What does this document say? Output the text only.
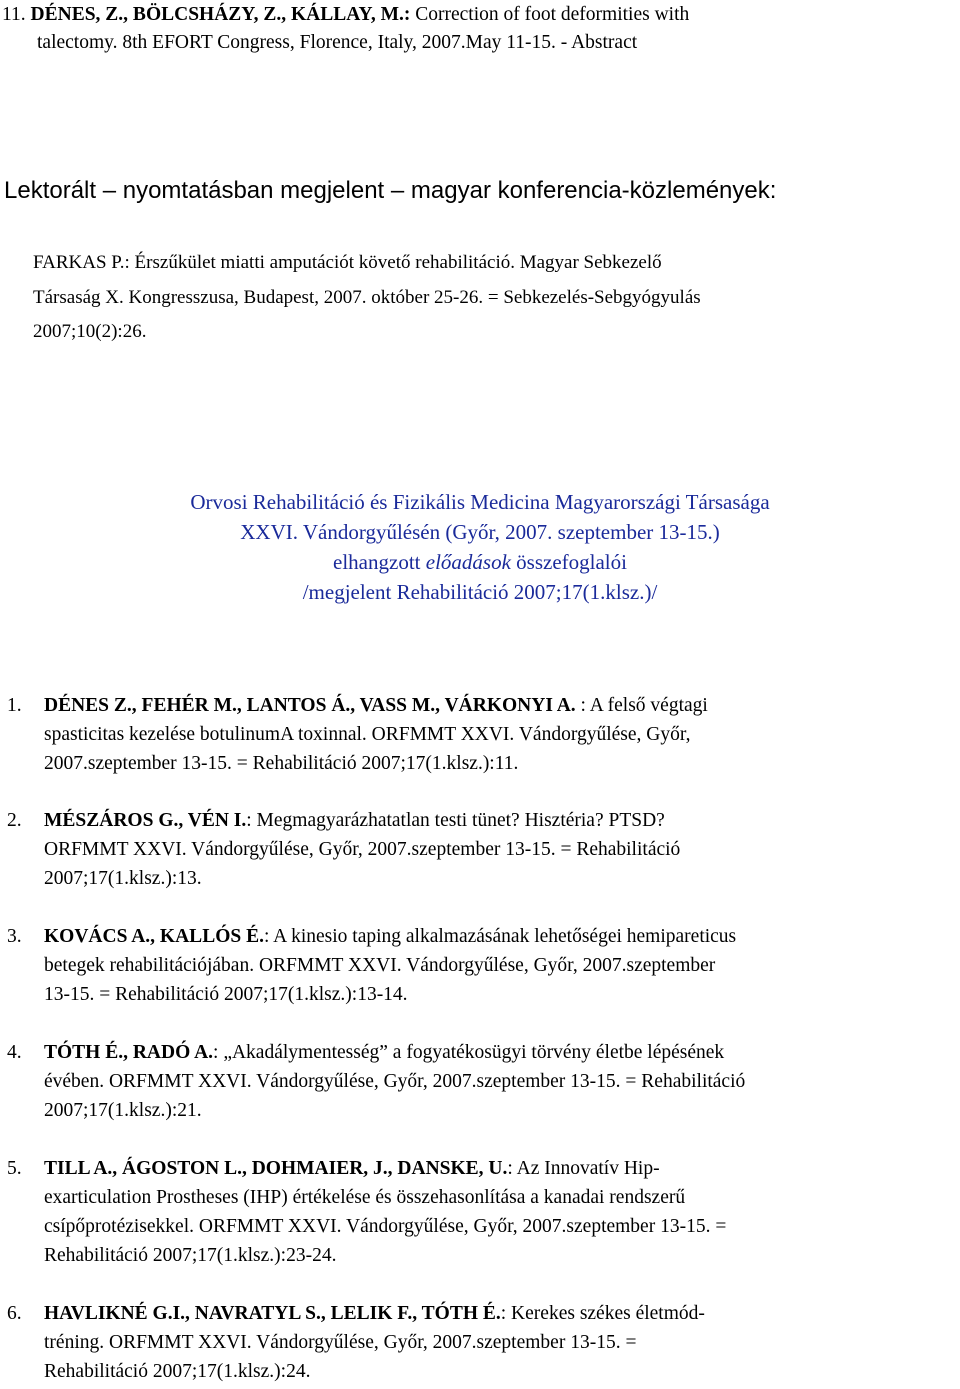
11. DÉNES, Z., BÖLCSHÁZY, Z., KÁLLAY, M.: Correction of foot deformities with
talectomy. 8th EFORT Congress, Florence, Italy, 2007.May 11-15. - Abstract
Lektorált – nyomtatásban megjelent – magyar konferencia-közlemények:
FARKAS P.: Érszűkület miatti amputációt követő rehabilitáció. Magyar Sebkezelő
Társaság X. Kongresszusa, Budapest, 2007. október 25-26. = Sebkezelés-Sebgyógyulás
2007;10(2):26.
Orvosi Rehabilitáció és Fizikális Medicina Magyarországi Társasága
XXVI. Vándorgyűlésén (Győr, 2007. szeptember 13-15.)
elhangzott előadások összefoglalói
/megjelent Rehabilitáció 2007;17(1.klsz.)/
1. DÉNES Z., FEHÉR M., LANTOS Á., VASS M., VÁRKONYI A. : A felső végtagi
spasticitas kezelése botulinumA toxinnal. ORFMMT XXVI. Vándorgyűlése, Győr,
2007.szeptember 13-15. = Rehabilitáció 2007;17(1.klsz.):11.
2. MÉSZÁROS G., VÉN I.: Megmagyarázhatatlan testi tünet? Hisztéria? PTSD?
ORFMMT XXVI. Vándorgyűlése, Győr, 2007.szeptember 13-15. = Rehabilitáció
2007;17(1.klsz.):13.
3. KOVÁCS A., KALLÓS É.: A kinesio taping alkalmazásának lehetőségei hemipareticus
betegek rehabilitációjában. ORFMMT XXVI. Vándorgyűlése, Győr, 2007.szeptember
13-15. = Rehabilitáció 2007;17(1.klsz.):13-14.
4. TÓTH É., RADÓ A.: „Akadálymentesség” a fogyatékosügyi törvény életbe lépésének
évében. ORFMMT XXVI. Vándorgyűlése, Győr, 2007.szeptember 13-15. = Rehabilitáció
2007;17(1.klsz.):21.
5. TILL A., ÁGOSTON L., DOHMAIER, J., DANSKE, U.: Az Innovatív Hip-
exarticulation Prostheses (IHP) értékelése és összehasonlítása a kanadai rendszerű
csípőprotézisekkel. ORFMMT XXVI. Vándorgyűlése, Győr, 2007.szeptember 13-15. =
Rehabilitáció 2007;17(1.klsz.):23-24.
6. HAVLIKNÉ G.I., NAVRATYL S., LELIK F., TÓTH É.: Kerekes székes életmód-
tréning. ORFMMT XXVI. Vándorgyűlése, Győr, 2007.szeptember 13-15. =
Rehabilitáció 2007;17(1.klsz.):24.
